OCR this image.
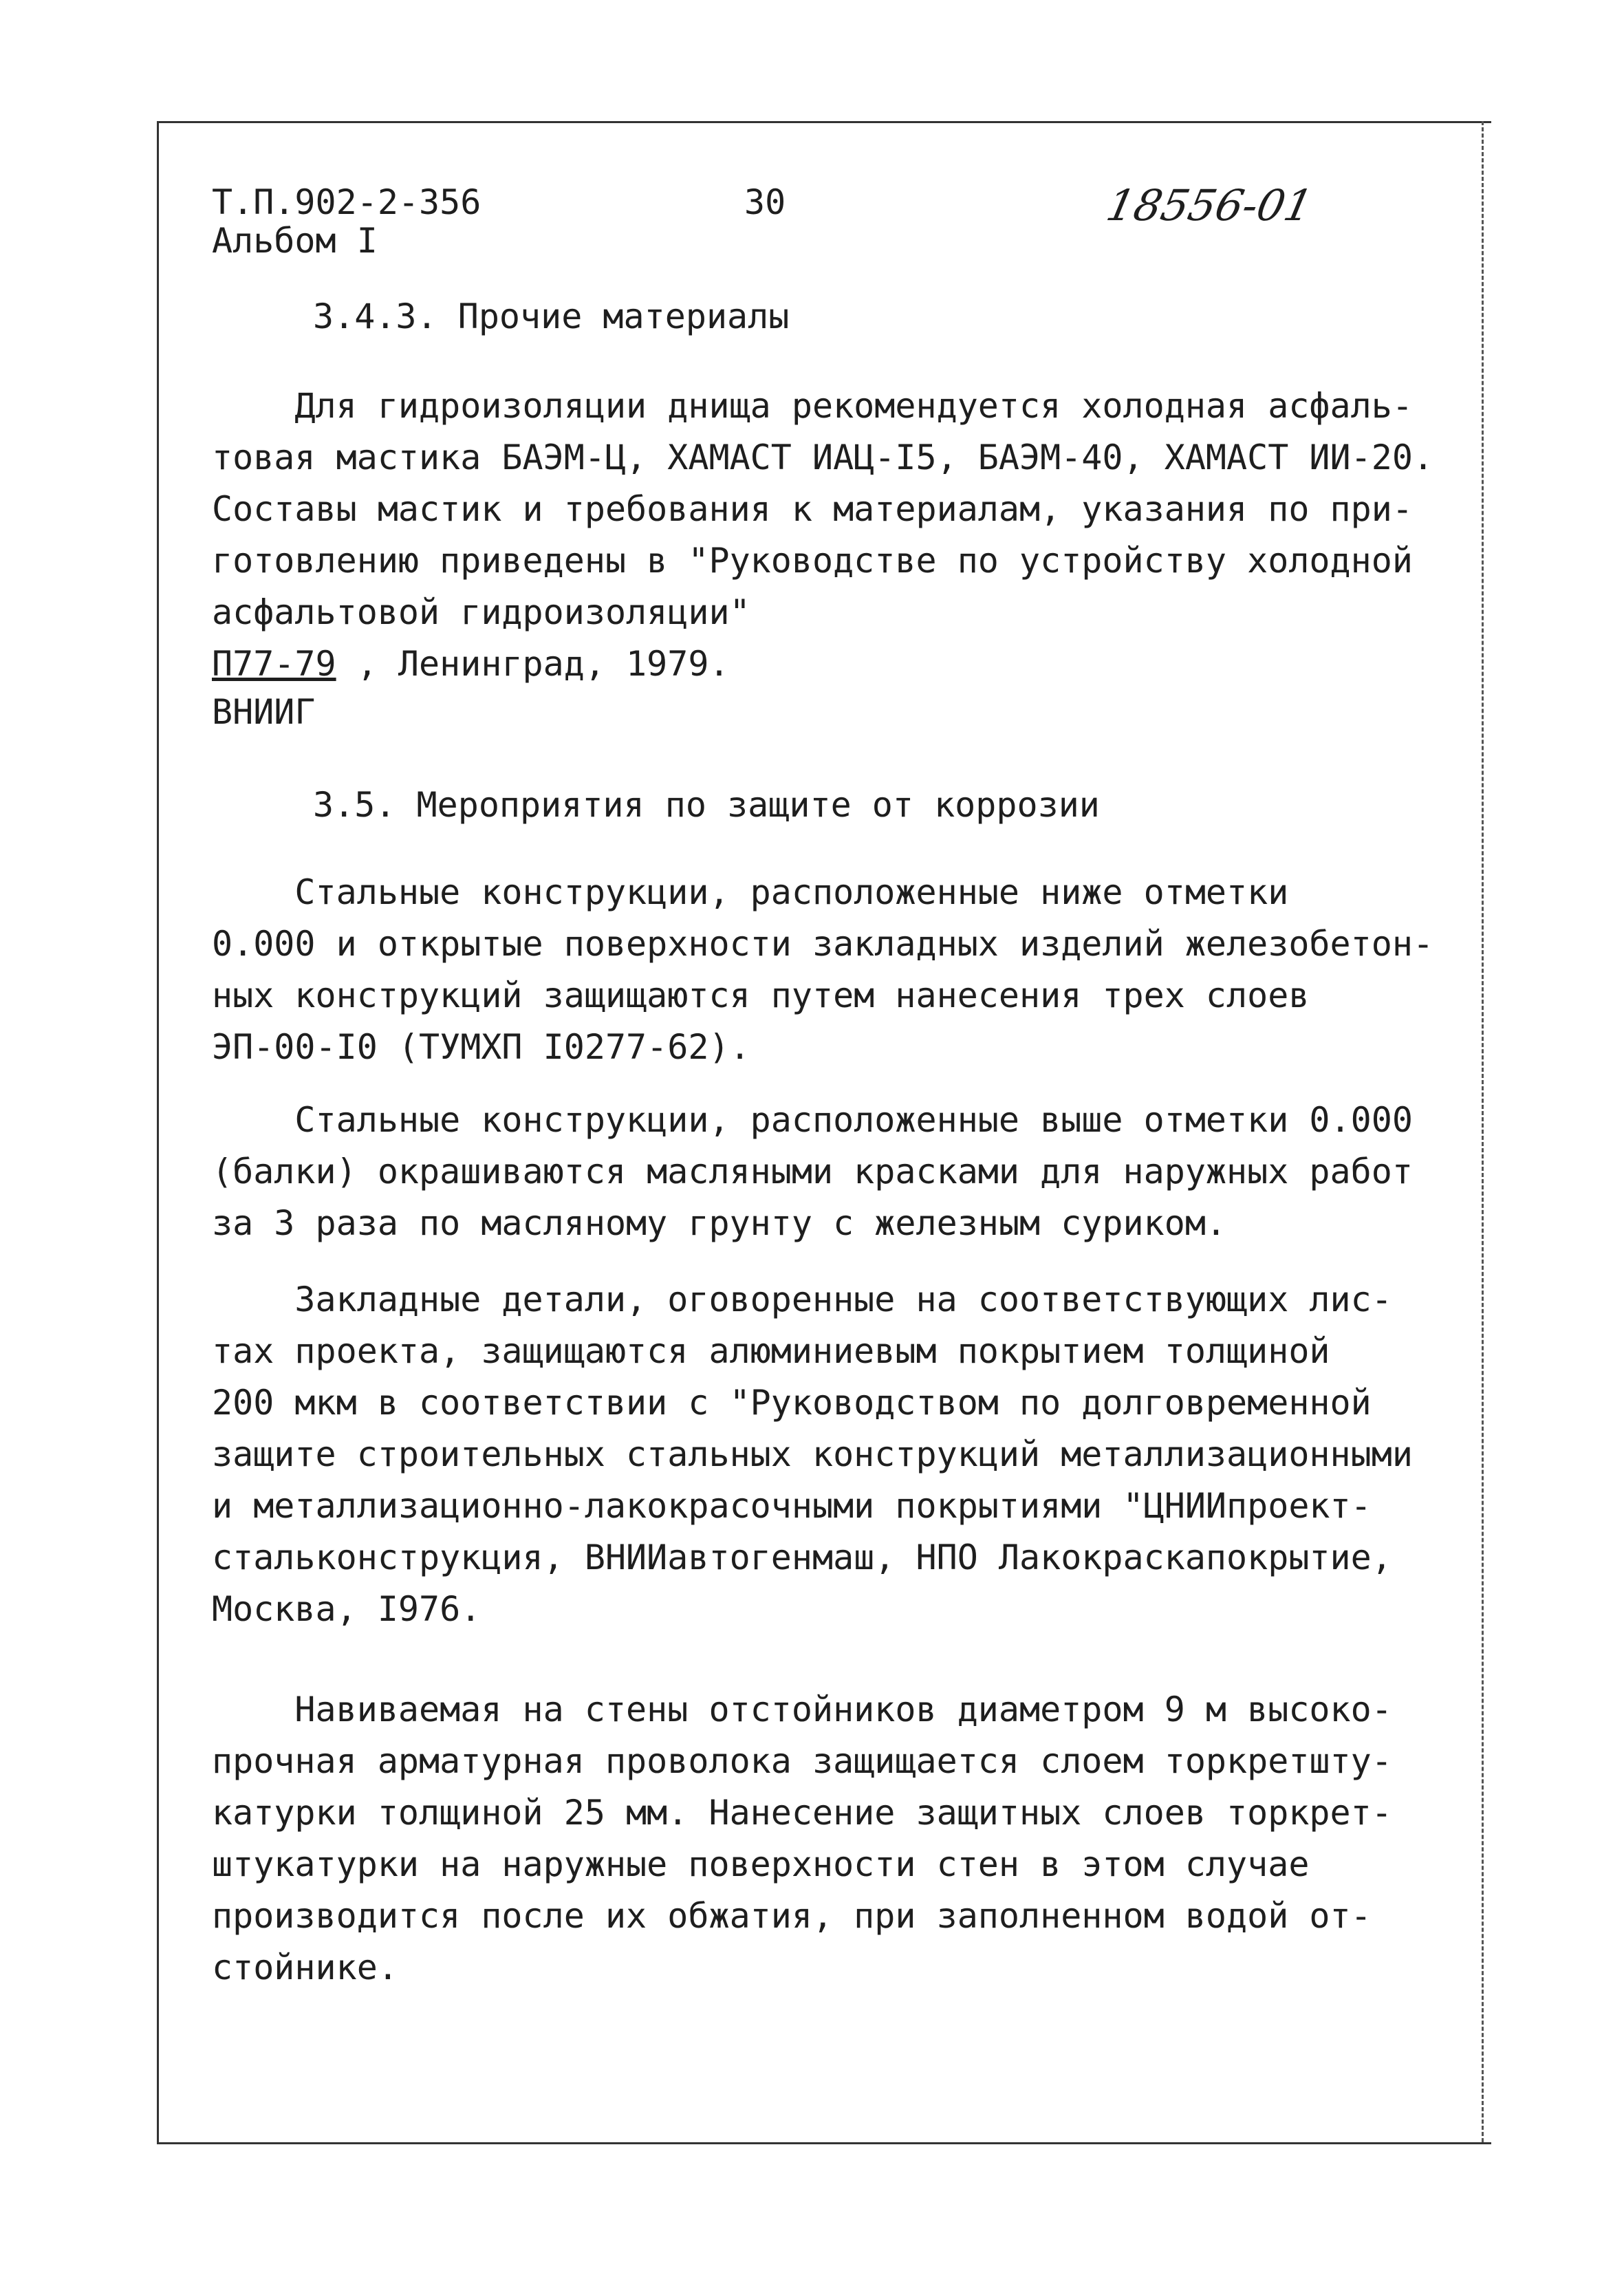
Т.П.902-2-356
Альбом I
30	18556-01
3.4.3. Прочие материалы

Для гидроизоляции днища рекомендуется холодная асфаль-
товая мастика БАЭМ-Ц, ХАМАСТ ИАЦ-I5, БАЭМ-40, ХАМАСТ ИИ-20.
Составы мастик и требования к материалам, указания по при-
готовлению приведены в "Руководстве по устройству холодной
асфальтовой гидроизоляции"

П77-79 , Ленинград, 1979.
ВНИИГ
3.5. Мероприятия по защите от коррозии

Стальные конструкции, расположенные ниже отметки
0.000 и открытые поверхности закладных изделий железобетон-
ных конструкций защищаются путем нанесения трех слоев
ЭП-00-I0 (ТУМХП I0277-62).

Стальные конструкции, расположенные выше отметки 0.000
(балки) окрашиваются масляными красками для наружных работ
за 3 раза по масляному грунту с железным суриком.

Закладные детали, оговоренные на соответствующих лис-
тах проекта, защищаются алюминиевым покрытием толщиной
200 мкм в соответствии с "Руководством по долговременной
защите строительных стальных конструкций металлизационными
и металлизационно-лакокрасочными покрытиями "ЦНИИпроект-
стальконструкция, ВНИИавтогенмаш, НПО Лакокраскапокрытие,
Москва, I976.

Навиваемая на стены отстойников диаметром 9 м высоко-
прочная арматурная проволока защищается слоем торкретшту-
катурки толщиной 25 мм. Нанесение защитных слоев торкрет-
штукатурки на наружные поверхности стен в этом случае
производится после их обжатия, при заполненном водой от-
стойнике.
